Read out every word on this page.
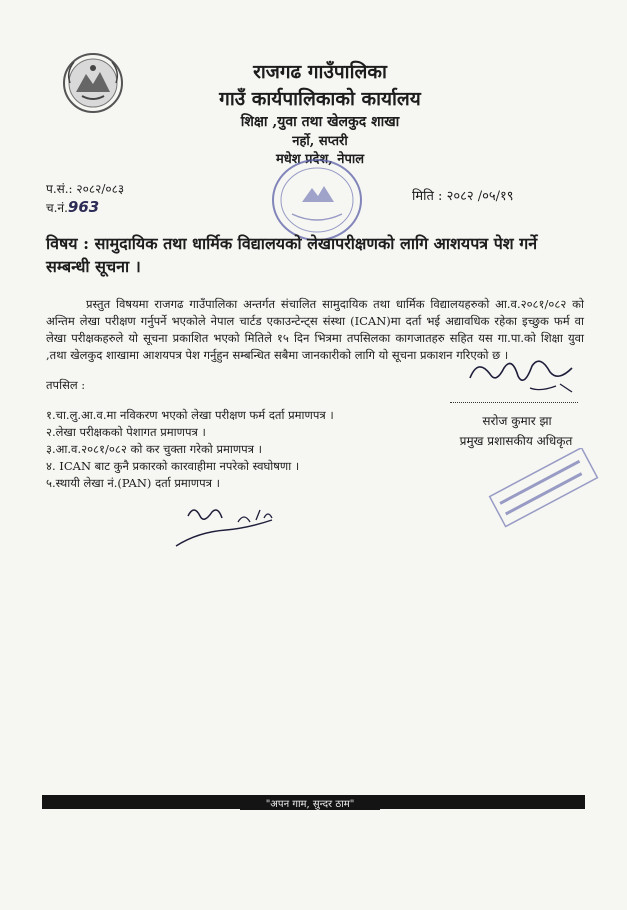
राजगढ गाउँपालिका
गाउँ कार्यपालिकाको कार्यालय
शिक्षा ,युवा तथा खेलकुद शाखा
नर्हो, सप्तरी
मधेश प्रदेश, नेपाल
प.सं.: २०८२/०८३
च.नं.963
मिति : २०८२ /०५/१९
विषय : सामुदायिक तथा धार्मिक विद्यालयको लेखापरीक्षणको लागि आशयपत्र पेश गर्ने सम्बन्धी सूचना ।
प्रस्तुत विषयमा राजगढ गाउँपालिका अन्तर्गत संचालित सामुदायिक तथा धार्मिक विद्यालयहरुको आ.व.२०८१/०८२ को अन्तिम लेखा परीक्षण गर्नुपर्ने भएकोले नेपाल चार्टड एकाउन्टेन्ट्स संस्था (ICAN)मा दर्ता भई अद्यावधिक रहेका इच्छुक फर्म वा लेखा परीक्षकहरुले यो सूचना प्रकाशित भएको मितिले १५ दिन भित्रमा तपसिलका कागजातहरु सहित यस गा.पा.को शिक्षा युवा ,तथा खेलकुद शाखामा आशयपत्र पेश गर्नुहुन सम्बन्धित सबैमा जानकारीको लागि यो सूचना प्रकाशन गरिएको छ ।
तपसिल :
१.चा.लु.आ.व.मा नविकरण भएको लेखा परीक्षण फर्म दर्ता प्रमाणपत्र ।
२.लेखा परीक्षकको पेशागत प्रमाणपत्र ।
३.आ.व.२०८१/०८२ को कर चुक्ता गरेको प्रमाणपत्र ।
४. ICAN बाट कुनै प्रकारको कारवाहीमा नपरेको स्वघोषणा ।
५.स्थायी लेखा नं.(PAN) दर्ता प्रमाणपत्र ।
सरोज कुमार झा
प्रमुख प्रशासकीय अधिकृत
"अपन गाम, सुन्दर ठाम"
